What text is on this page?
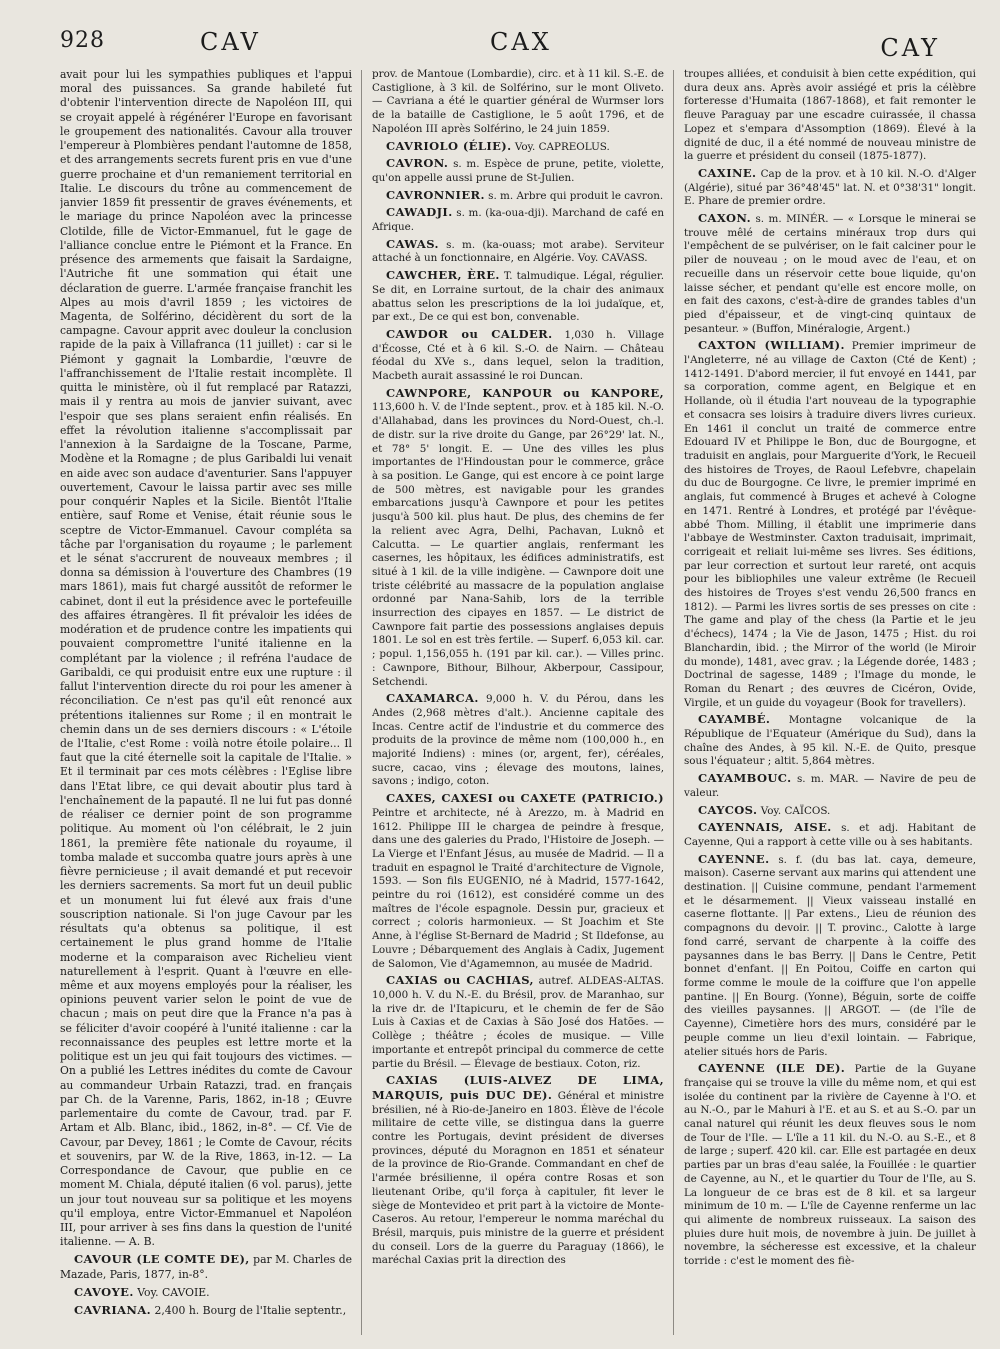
928	CAV	CAX	CAY

avait pour lui les sympathies publiques et l'appui moral des puissances. Sa grande habileté fut d'obtenir l'intervention directe de Napoléon III, qui se croyait appelé à régénérer l'Europe en favorisant le groupement des nationalités. Cavour alla trouver l'empereur à Plombières pendant l'automne de 1858, et des arrangements secrets furent pris en vue d'une guerre prochaine et d'un remaniement territorial en Italie. Le discours du trône au commencement de janvier 1859 fit pressentir de graves événements, et le mariage du prince Napoléon avec la princesse Clotilde, fille de Victor-Emmanuel, fut le gage de l'alliance conclue entre le Piémont et la France. En présence des armements que faisait la Sardaigne, l'Autriche fit une sommation qui était une déclaration de guerre. L'armée française franchit les Alpes au mois d'avril 1859 ; les victoires de Magenta, de Solférino, décidèrent du sort de la campagne. Cavour apprit avec douleur la conclusion rapide de la paix à Villafranca (11 juillet) : car si le Piémont y gagnait la Lombardie, l'œuvre de l'affranchissement de l'Italie restait incomplète. Il quitta le ministère, où il fut remplacé par Ratazzi, mais il y rentra au mois de janvier suivant, avec l'espoir que ses plans seraient enfin réalisés. En effet la révolution italienne s'accomplissait par l'annexion à la Sardaigne de la Toscane, Parme, Modène et la Romagne ; de plus Garibaldi lui venait en aide avec son audace d'aventurier. Sans l'appuyer ouvertement, Cavour le laissa partir avec ses mille pour conquérir Naples et la Sicile. Bientôt l'Italie entière, sauf Rome et Venise, était réunie sous le sceptre de Victor-Emmanuel. Cavour compléta sa tâche par l'organisation du royaume ; le parlement et le sénat s'accrurent de nouveaux membres ; il donna sa démission à l'ouverture des Chambres (19 mars 1861), mais fut chargé aussitôt de reformer le cabinet, dont il eut la présidence avec le portefeuille des affaires étrangères. Il fit prévaloir les idées de modération et de prudence contre les impatients qui pouvaient compromettre l'unité italienne en la complétant par la violence ; il refréna l'audace de Garibaldi, ce qui produisit entre eux une rupture : il fallut l'intervention directe du roi pour les amener à réconciliation. Ce n'est pas qu'il eût renoncé aux prétentions italiennes sur Rome ; il en montrait le chemin dans un de ses derniers discours : « L'étoile de l'Italie, c'est Rome : voilà notre étoile polaire... Il faut que la cité éternelle soit la capitale de l'Italie. » Et il terminait par ces mots célèbres : l'Eglise libre dans l'Etat libre, ce qui devait aboutir plus tard à l'enchaînement de la papauté. Il ne lui fut pas donné de réaliser ce dernier point de son programme politique. Au moment où l'on célébrait, le 2 juin 1861, la première fête nationale du royaume, il tomba malade et succomba quatre jours après à une fièvre pernicieuse ; il avait demandé et put recevoir les derniers sacrements. Sa mort fut un deuil public et un monument lui fut élevé aux frais d'une souscription nationale. Si l'on juge Cavour par les résultats qu'a obtenus sa politique, il est certainement le plus grand homme de l'Italie moderne et la comparaison avec Richelieu vient naturellement à l'esprit. Quant à l'œuvre en elle-même et aux moyens employés pour la réaliser, les opinions peuvent varier selon le point de vue de chacun ; mais on peut dire que la France n'a pas à se féliciter d'avoir coopéré à l'unité italienne : car la reconnaissance des peuples est lettre morte et la politique est un jeu qui fait toujours des victimes. — On a publié les Lettres inédites du comte de Cavour au commandeur Urbain Ratazzi, trad. en français par Ch. de la Varenne, Paris, 1862, in-18 ; Œuvre parlementaire du comte de Cavour, trad. par F. Artam et Alb. Blanc, ibid., 1862, in-8°. — Cf. Vie de Cavour, par Devey, 1861 ; le Comte de Cavour, récits et souvenirs, par W. de la Rive, 1863, in-12. — La Correspondance de Cavour, que publie en ce moment M. Chiala, député italien (6 vol. parus), jette un jour tout nouveau sur sa politique et les moyens qu'il employa, entre Victor-Emmanuel et Napoléon III, pour arriver à ses fins dans la question de l'unité italienne. — A. B.

CAVOUR (LE COMTE DE), par M. Charles de Mazade, Paris, 1877, in-8°.

CAVOYE. Voy. CAVOIE.

CAVRIANA. 2,400 h. Bourg de l'Italie septentr.,

prov. de Mantoue (Lombardie), circ. et à 11 kil. S.-E. de Castiglione, à 3 kil. de Solférino, sur le mont Oliveto. — Cavriana a été le quartier général de Wurmser lors de la bataille de Castiglione, le 5 août 1796, et de Napoléon III après Solférino, le 24 juin 1859.

CAVRIOLO (ÉLIE). Voy. CAPREOLUS.

CAVRON. s. m. Espèce de prune, petite, violette, qu'on appelle aussi prune de St-Julien.

CAVRONNIER. s. m. Arbre qui produit le cavron.

CAWADJI. s. m. (ka-oua-dji). Marchand de café en Afrique.

CAWAS. s. m. (ka-ouass; mot arabe). Serviteur attaché à un fonctionnaire, en Algérie. Voy. CAVASS.

CAWCHER, ÈRE. T. talmudique. Légal, régulier. Se dit, en Lorraine surtout, de la chair des animaux abattus selon les prescriptions de la loi judaïque, et, par ext., De ce qui est bon, convenable.

CAWDOR ou CALDER. 1,030 h. Village d'Écosse, Cté et à 6 kil. S.-O. de Nairn. — Château féodal du XVe s., dans lequel, selon la tradition, Macbeth aurait assassiné le roi Duncan.

CAWNPORE, KANPOUR ou KANPORE, 113,600 h. V. de l'Inde septent., prov. et à 185 kil. N.-O. d'Allahabad, dans les provinces du Nord-Ouest, ch.-l. de distr. sur la rive droite du Gange, par 26°29' lat. N., et 78° 5' longit. E. — Une des villes les plus importantes de l'Hindoustan pour le commerce, grâce à sa position. Le Gange, qui est encore à ce point large de 500 mètres, est navigable pour les grandes embarcations jusqu'à Cawnpore et pour les petites jusqu'à 500 kil. plus haut. De plus, des chemins de fer la relient avec Agra, Delhi, Pachavan, Luknô et Calcutta. — Le quartier anglais, renfermant les casernes, les hôpitaux, les édifices administratifs, est situé à 1 kil. de la ville indigène. — Cawnpore doit une triste célébrité au massacre de la population anglaise ordonné par Nana-Sahib, lors de la terrible insurrection des cipayes en 1857. — Le district de Cawnpore fait partie des possessions anglaises depuis 1801. Le sol en est très fertile. — Superf. 6,053 kil. car. ; popul. 1,156,055 h. (191 par kil. car.). — Villes princ. : Cawnpore, Bithour, Bilhour, Akberpour, Cassipour, Setchendi.

CAXAMARCA. 9,000 h. V. du Pérou, dans les Andes (2,968 mètres d'alt.). Ancienne capitale des Incas. Centre actif de l'industrie et du commerce des produits de la province de même nom (100,000 h., en majorité Indiens) : mines (or, argent, fer), céréales, sucre, cacao, vins ; élevage des moutons, laines, savons ; indigo, coton.

CAXES, CAXESI ou CAXETE (PATRICIO.) Peintre et architecte, né à Arezzo, m. à Madrid en 1612. Philippe III le chargea de peindre à fresque, dans une des galeries du Prado, l'Histoire de Joseph. — La Vierge et l'Enfant Jésus, au musée de Madrid. — Il a traduit en espagnol le Traité d'architecture de Vignole, 1593. — Son fils EUGENIO, né à Madrid, 1577-1642, peintre du roi (1612), est considéré comme un des maîtres de l'école espagnole. Dessin pur, gracieux et correct ; coloris harmonieux. — St Joachim et Ste Anne, à l'église St-Bernard de Madrid ; St Ildefonse, au Louvre ; Débarquement des Anglais à Cadix, Jugement de Salomon, Vie d'Agamemnon, au musée de Madrid.

CAXIAS ou CACHIAS, autref. ALDEAS-ALTAS. 10,000 h. V. du N.-E. du Brésil, prov. de Maranhao, sur la rive dr. de l'Itapicuru, et le chemin de fer de São Luis à Caxias et de Caxias à São José dos Hatões. —Collège ; théâtre ; écoles de musique. — Ville importante et entrepôt principal du commerce de cette partie du Brésil. — Élevage de bestiaux. Coton, riz.

CAXIAS (LUIS-ALVEZ DE LIMA, MARQUIS, puis DUC DE). Général et ministre brésilien, né à Rio-de-Janeiro en 1803. Élève de l'école militaire de cette ville, se distingua dans la guerre contre les Portugais, devint président de diverses provinces, député du Moragnon en 1851 et sénateur de la province de Rio-Grande. Commandant en chef de l'armée brésilienne, il opéra contre Rosas et son lieutenant Oribe, qu'il força à capituler, fit lever le siège de Montevideo et prit part à la victoire de Monte-Caseros. Au retour, l'empereur le nomma maréchal du Brésil, marquis, puis ministre de la guerre et président du conseil. Lors de la guerre du Paraguay (1866), le maréchal Caxias prit la direction des

troupes alliées, et conduisit à bien cette expédition, qui dura deux ans. Après avoir assiégé et pris la célèbre forteresse d'Humaita (1867-1868), et fait remonter le fleuve Paraguay par une escadre cuirassée, il chassa Lopez et s'empara d'Assomption (1869). Élevé à la dignité de duc, il a été nommé de nouveau ministre de la guerre et président du conseil (1875-1877).

CAXINE. Cap de la prov. et à 10 kil. N.-O. d'Alger (Algérie), situé par 36°48'45" lat. N. et 0°38'31" longit. E. Phare de premier ordre.

CAXON. s. m. MINÉR. — « Lorsque le minerai se trouve mêlé de certains minéraux trop durs qui l'empêchent de se pulvériser, on le fait calciner pour le piler de nouveau ; on le moud avec de l'eau, et on recueille dans un réservoir cette boue liquide, qu'on laisse sécher, et pendant qu'elle est encore molle, on en fait des caxons, c'est-à-dire de grandes tables d'un pied d'épaisseur, et de vingt-cinq quintaux de pesanteur. » (Buffon, Minéralogie, Argent.)

CAXTON (WILLIAM). Premier imprimeur de l'Angleterre, né au village de Caxton (Cté de Kent) ; 1412-1491. D'abord mercier, il fut envoyé en 1441, par sa corporation, comme agent, en Belgique et en Hollande, où il étudia l'art nouveau de la typographie et consacra ses loisirs à traduire divers livres curieux. En 1461 il conclut un traité de commerce entre Edouard IV et Philippe le Bon, duc de Bourgogne, et traduisit en anglais, pour Marguerite d'York, le Recueil des histoires de Troyes, de Raoul Lefebvre, chapelain du duc de Bourgogne. Ce livre, le premier imprimé en anglais, fut commencé à Bruges et achevé à Cologne en 1471. Rentré à Londres, et protégé par l'évêque-abbé Thom. Milling, il établit une imprimerie dans l'abbaye de Westminster. Caxton traduisait, imprimait, corrigeait et reliait lui-même ses livres. Ses éditions, par leur correction et surtout leur rareté, ont acquis pour les bibliophiles une valeur extrême (le Recueil des histoires de Troyes s'est vendu 26,500 francs en 1812). — Parmi les livres sortis de ses presses on cite : The game and play of the chess (la Partie et le jeu d'échecs), 1474 ; la Vie de Jason, 1475 ; Hist. du roi Blanchardin, ibid. ; the Mirror of the world (le Miroir du monde), 1481, avec grav. ; la Légende dorée, 1483 ; Doctrinal de sagesse, 1489 ; l'Image du monde, le Roman du Renart ; des œuvres de Cicéron, Ovide, Virgile, et un guide du voyageur (Book for travellers).

CAYAMBÉ. Montagne volcanique de la République de l'Equateur (Amérique du Sud), dans la chaîne des Andes, à 95 kil. N.-E. de Quito, presque sous l'équateur ; altit. 5,864 mètres.

CAYAMBOUC. s. m. MAR. — Navire de peu de valeur.

CAYCOS. Voy. CAÏCOS.

CAYENNAIS, AISE. s. et adj. Habitant de Cayenne, Qui a rapport à cette ville ou à ses habitants.

CAYENNE. s. f. (du bas lat. caya, demeure, maison). Caserne servant aux marins qui attendent une destination. || Cuisine commune, pendant l'armement et le désarmement. || Vieux vaisseau installé en caserne flottante. || Par extens., Lieu de réunion des compagnons du devoir. || T. provinc., Calotte à large fond carré, servant de charpente à la coiffe des paysannes dans le bas Berry. || Dans le Centre, Petit bonnet d'enfant. || En Poitou, Coiffe en carton qui forme comme le moule de la coiffure que l'on appelle pantine. || En Bourg. (Yonne), Béguin, sorte de coiffe des vieilles paysannes. || ARGOT. — (de l'île de Cayenne), Cimetière hors des murs, considéré par le peuple comme un lieu d'exil lointain. — Fabrique, atelier situés hors de Paris.

CAYENNE (ILE DE). Partie de la Guyane française qui se trouve la ville du même nom, et qui est isolée du continent par la rivière de Cayenne à l'O. et au N.-O., par le Mahuri à l'E. et au S. et au S.-O. par un canal naturel qui réunit les deux fleuves sous le nom de Tour de l'Ile. — L'île a 11 kil. du N.-O. au S.-E., et 8 de large ; superf. 420 kil. car. Elle est partagée en deux parties par un bras d'eau salée, la Fouillée : le quartier de Cayenne, au N., et le quartier du Tour de l'Ile, au S. La longueur de ce bras est de 8 kil. et sa largeur minimum de 10 m. — L'île de Cayenne renferme un lac qui alimente de nombreux ruisseaux. La saison des pluies dure huit mois, de novembre à juin. De juillet à novembre, la sécheresse est excessive, et la chaleur torride : c'est le moment des fiè-
